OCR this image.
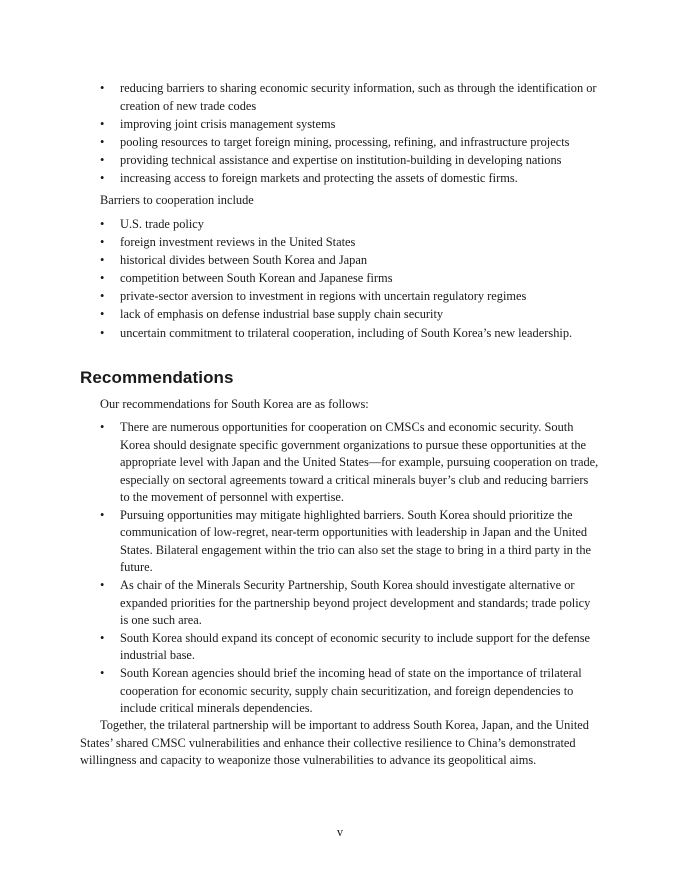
•	reducing barriers to sharing economic security information, such as through the identification or creation of new trade codes
•	improving joint crisis management systems
•	pooling resources to target foreign mining, processing, refining, and infrastructure projects
•	providing technical assistance and expertise on institution-building in developing nations
•	increasing access to foreign markets and protecting the assets of domestic firms.

Barriers to cooperation include

•	U.S. trade policy
•	foreign investment reviews in the United States
•	historical divides between South Korea and Japan
•	competition between South Korean and Japanese firms
•	private-sector aversion to investment in regions with uncertain regulatory regimes
•	lack of emphasis on defense industrial base supply chain security
•	uncertain commitment to trilateral cooperation, including of South Korea’s new leadership.
Recommendations

Our recommendations for South Korea are as follows:

•	There are numerous opportunities for cooperation on CMSCs and economic security. South Korea should designate specific government organizations to pursue these opportunities at the appropriate level with Japan and the United States—for example, pursuing cooperation on trade, especially on sectoral agreements toward a critical minerals buyer’s club and reducing barriers to the movement of personnel with expertise.
•	Pursuing opportunities may mitigate highlighted barriers. South Korea should prioritize the communication of low-regret, near-term opportunities with leadership in Japan and the United States. Bilateral engagement within the trio can also set the stage to bring in a third party in the future.
•	As chair of the Minerals Security Partnership, South Korea should investigate alternative or expanded priorities for the partnership beyond project development and standards; trade policy is one such area.
•	South Korea should expand its concept of economic security to include support for the defense industrial base.
•	South Korean agencies should brief the incoming head of state on the importance of trilateral cooperation for economic security, supply chain securitization, and foreign dependencies to include critical minerals dependencies.

Together, the trilateral partnership will be important to address South Korea, Japan, and the United States’ shared CMSC vulnerabilities and enhance their collective resilience to China’s demonstrated willingness and capacity to weaponize those vulnerabilities to advance its geopolitical aims.

v
